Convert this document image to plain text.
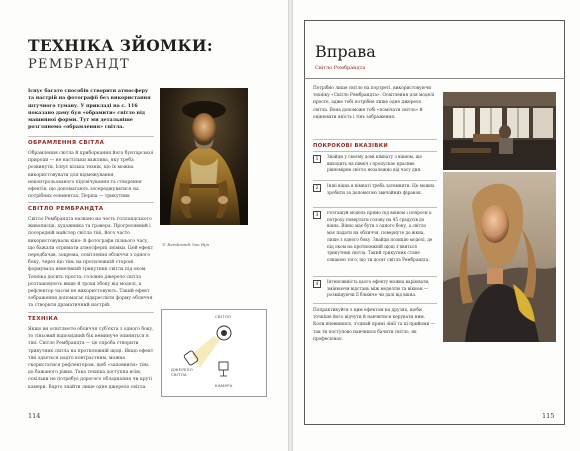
ТЕХНІКА ЗЙОМКИ:
РЕМБРАНДТ
Існує багато способів створити атмосферу та настрій на фотографії без використання штучного туману. У прикладі на с. 116 показано даму буя «обрамити» світло від машинної форми. Тут ми детальніше розглянемо «обрамлення» світла.
ОБРАМЛЕННЯ СВІТЛА
Обрамлення світла й приборкання його бунтарської природи — не настільки важлива, яку треба розвинути. Існує кілька технік, що їх можна використовувати для відмежування неконтрольованого підсвічування та створення ефектів, що допомагають зосереджуватися на потрібних елементах. Перша — трикутник
СВІТЛО РЕМБРАНДТА
Світло Рембрандта названо на честь голландського живописця, художника та гравера. Прогресивний і посередній майстер світла тіні, його часто використовували кіно- й фотографи пізнього часу, що бажали отримати атмосферні знімки. Цей ефект передбачав, зокрема, освітлення обличчя з одного боку, через що тінь на протилежній стороні формувала невеликий трикутник світла під оком. Техніка досить проста: головне джерело світла розташовують вище й трохи збоку від моделі, а рефлектор часом не використовують. Такий ефект зображення допомагає підкреслити форму обличчя та створити драматичний настрій.
ТЕХНІКА
Якщо ви освітлюєте обличчя суб'єкта з одного боку, то тіньовий відповідний бік неминуче опиниться в тіні. Світло Рембрандта — це спроба створити трикутник світла на протилежній щоці. Якщо ефект тіні здається надто контрастним, можна скористатися рефлектором, щоб «заповнити» тінь до бажаного рівня. Така техніка доступна всім, оскільки не потребує дорогого обладнання чи круті камери. Варто знайти лише одне джерело світла.
© Rembrandt Van Rijn
СВІТЛО
ДЖЕРЕЛО СВІТЛА
КАМЕРА
114
Вправа
Світло Рембрандта
Потрібно лише світло на портреті, використовуючи техніку «Світло Рембрандта». Освітлення для моделі просте, адже тобі потрібне лише одне джерело світла. Вона допоможе тобі «помічати світло» й оцінювати якість і тінь зображення.
ПОКРОКОВІ ВКАЗІВКИ
1
Знайди у своєму домі кімнату з вікном, що виходить на північ і пропускає красиве рівномірне світло незалежно від часу дня.
2
Інші вікна в кімнаті треба затемнити. Це можна зробити за допомогою звичайних фіранок.
3
Розташуй модель прямо під вікном і попроси її потроху повертати голову на 45 градусів до вікна. Вікно має бути з одного боку, а світло має падати на обличчя, повернуте до вікна, лише з одного боку. Знайди позицію моделі, де під оком на протилежній щоці з'явиться трикутник світла. Такий трикутник стане ознакою того, що ти досяг світла Рембрандта.
4
Інтенсивність цього ефекту можна варіювати, змінюючи відстань між моделлю та вікном — розміщуючи її ближче чи далі від вікна.
Попрактикуйся з цим ефектом на друзях, щоби точніше його відчути й навчитися керувати ним. Коли впевнишся, з'єднай прямі лінії та ці прийоми — так ти поступово навчишся бачити світло, як професіонал.
115
